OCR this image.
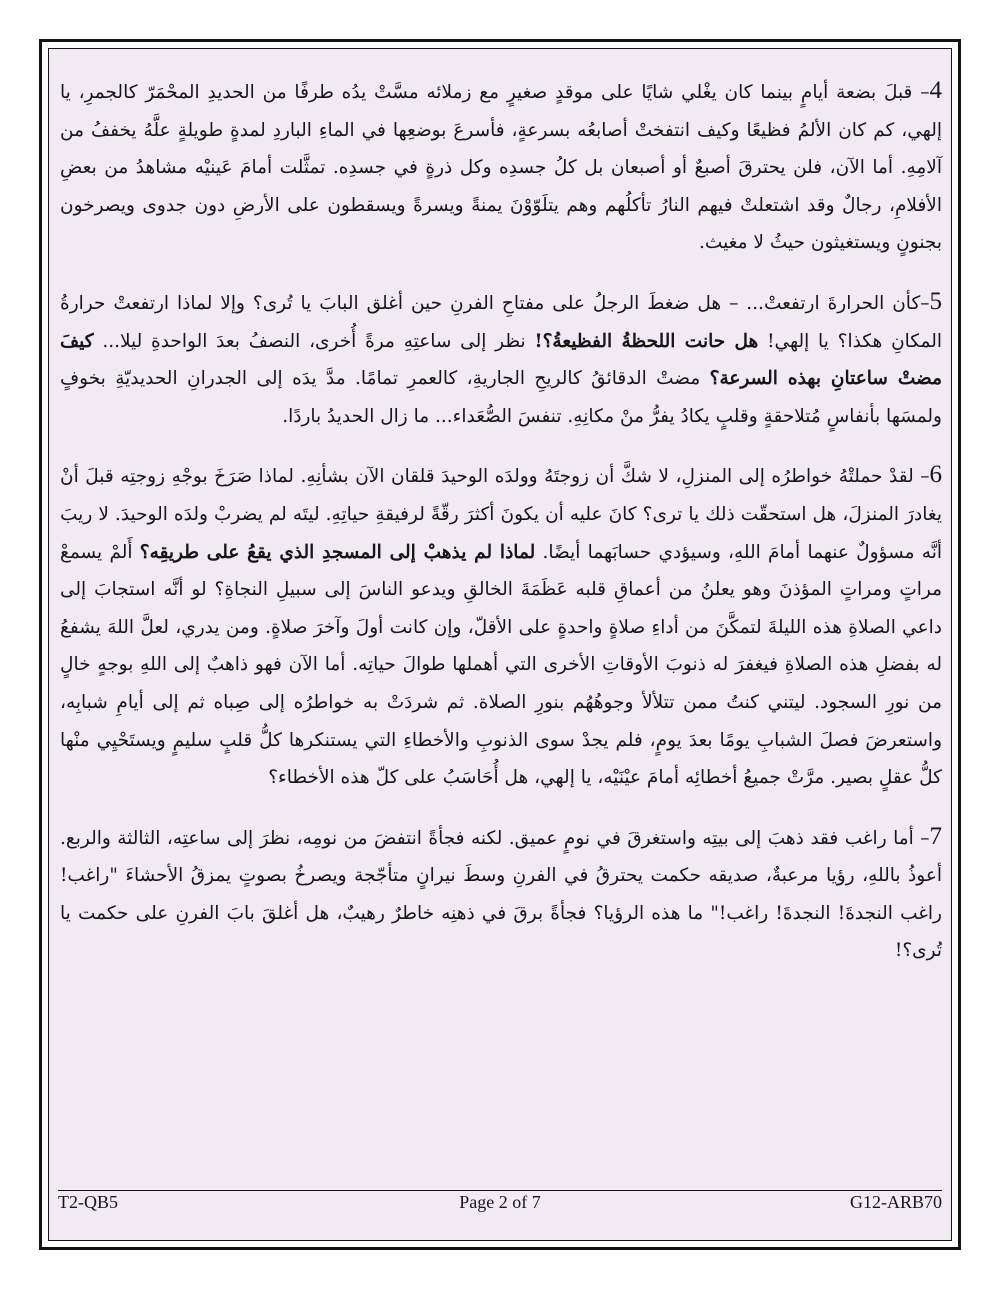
4– قبلَ بضعة أيامٍ بينما كان يغْلي شايًا على موقدٍ صغيرٍ مع زملائه مسَّتْ يدُه طرفًا من الحديدِ المحْمَرّ كالجمرِ، يا إلهي، كم كان الألمُ فظيعًا وكيف انتفختْ أصابعُه بسرعةٍ، فأسرعَ بوضعِها في الماءِ الباردِ لمدةٍ طويلةٍ علَّهُ يخففُ من آلامِهِ. أما الآن، فلن يحترقَ أصبعٌ أو أصبعان بل كلُ جسدِه وكل ذرةٍ في جسدِه. تمثَّلت أمامَ عَينيْه مشاهدُ من بعضِ الأفلامِ، رجالٌ وقد اشتعلتْ فيهم النارُ تأكلُهم وهم يتلَوّوْنَ يمنةً ويسرةً ويسقطون على الأرضِ دون جدوى ويصرخون بجنونٍ ويستغيثون حيثُ لا مغيث.

5–كأن الحرارةَ ارتفعتْ... – هل ضغطَ الرجلُ على مفتاحِ الفرنِ حين أغلق البابَ يا تُرى؟ وإلا لماذا ارتفعتْ حرارةُ المكانِ هكذا؟ يا إلهي! هل حانت اللحظةُ الفظيعةُ؟! نظر إلى ساعتِهِ مرةً أُخرى، النصفُ بعدَ الواحدةِ ليلا... كيفَ مضتْ ساعتانِ بهذه السرعة؟ مضتْ الدقائقُ كالريحِ الجاريةِ، كالعمرِ تمامًا. مدَّ يدَه إلى الجدرانِ الحديديّةِ بخوفٍ ولمسَها بأنفاسٍ مُتلاحقةٍ وقلبٍ يكادُ يفرُّ منْ مكانِهِ. تنفسَ الصُّعَداء... ما زال الحديدُ باردًا.

6– لقدْ حملتْهُ خواطرُه إلى المنزلِ، لا شكَّ أن زوجتَهُ وولدَه الوحيدَ قلقان الآن بشأنِهِ. لماذا صَرَخَ بوجْهِ زوجتِه قبلَ أنْ يغادرَ المنزلَ، هل استحقّت ذلك يا ترى؟ كانَ عليه أن يكونَ أكثرَ رقّةً لرفيقةِ حياتِهِ. ليتَه لم يضربْ ولدَه الوحيدَ. لا ريبَ أنَّه مسؤولٌ عنهما أمامَ اللهِ، وسيؤدي حسابَهما أيضًا. لماذا لم يذهبْ إلى المسجدِ الذي يقعُ على طريقِه؟ أَلمْ يسمعْ مراتٍ ومراتٍ المؤذنَ وهو يعلنُ من أعماقِ قلبه عَظَمَةَ الخالقِ ويدعو الناسَ إلى سبيلِ النجاةِ؟ لو أنَّه استجابَ إلى داعي الصلاةِ هذه الليلةَ لتمكَّنَ من أداءِ صلاةٍ واحدةٍ على الأقلّ، وإن كانت أولَ وآخرَ صلاةٍ. ومن يدري، لعلَّ اللهَ يشفعُ له بفضلِ هذه الصلاةِ فيغفرَ له ذنوبَ الأوقاتِ الأخرى التي أهملها طوالَ حياتِه. أما الآن فهو ذاهبٌ إلى اللهِ بوجهٍ خالٍ من نورِ السجود. ليتني كنتُ ممن تتلألأ وجوهُهُم بنورِ الصلاة. ثم شردَتْ به خواطرُه إلى صِباه ثم إلى أيامِ شبابِه، واستعرضَ فصلَ الشبابِ يومًا بعدَ يومٍ، فلم يجدْ سوى الذنوبِ والأخطاءِ التي يستنكرها كلُّ قلبٍ سليمٍ ويستَحْيِي منْها كلُّ عقلٍ بصير. مرَّتْ جميعُ أخطائِه أمامَ عيْنَيْه، يا إلهي، هل أُحَاسَبُ على كلّ هذه الأخطاء؟

7– أما راغب فقد ذهبَ إلى بيتِه واستغرقَ في نومٍ عميق. لكنه فجأةً انتفضَ من نومِه، نظرَ إلى ساعتِه، الثالثة والربع. أعوذُ باللهِ، رؤيا مرعبةٌ، صديقه حكمت يحترقُ في الفرنِ وسطَ نيرانٍ متأجّجة ويصرخُ بصوتٍ يمزقُ الأحشاءَ "راغب! راغب النجدةَ! النجدةَ! راغب!" ما هذه الرؤيا؟ فجأةً برقَ في ذهنِه خاطرٌ رهيبٌ، هل أغلقَ بابَ الفرنِ على حكمت يا تُرى؟!

T2-QB5	Page 2 of 7	G12-ARB70
